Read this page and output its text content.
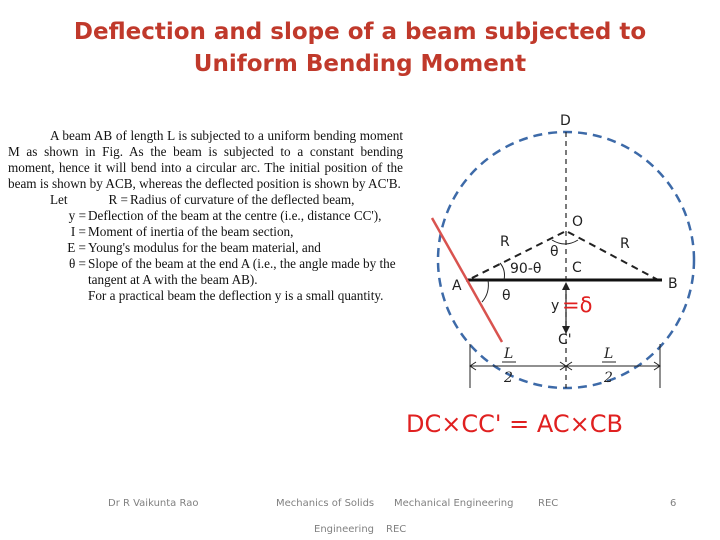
Deflection and slope of a beam subjected to
Uniform Bending Moment

A beam AB of length L is subjected to a uniform bending moment M as shown in Fig. As the beam is subjected to a constant bending moment, hence it will bend into a circular arc. The initial position of the beam is shown by ACB, whereas the deflected position is shown by AC'B.

Let	R = Radius of curvature of the deflected beam,
y = Deflection of the beam at the centre (i.e., distance CC'),
I = Moment of inertia of the beam section,
E = Young's modulus for the beam material, and
θ = Slope of the beam at the end A (i.e., the angle made by the tangent at A with the beam AB).
For a practical beam the deflection y is a small quantity.
D
O
R	R
θ
90-θ C
A	B
θ
y
C'
L
2
L
2
=δ
DC×CC' = AC×CB
Dr R Vaikunta Rao	Mechanics of Solids Mechanical Engineering REC	6
Engineering REC
